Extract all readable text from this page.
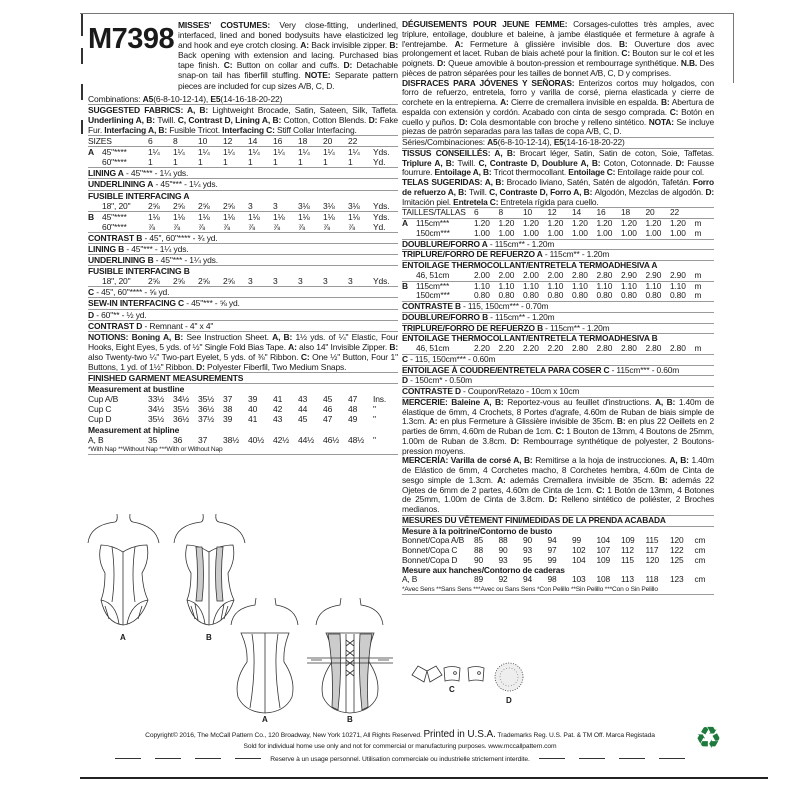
M7398 MISSES' COSTUMES: Very close-fitting, underlined, interfaced, lined and boned bodysuits have elasticized leg and hook and eye crotch closing. A: Back invisible zipper. B: Back opening with extension and lacing. Purchased bias tape finish. C: Button on collar and cuffs. D: Detachable snap-on tail has fiberfill stuffing. NOTE: Separate pattern pieces are included for cup sizes A/B, C, D.
Combinations: A5(6-8-10-12-14), E5(14-16-18-20-22)
SUGGESTED FABRICS: A, B: Lightweight Brocade, Satin, Sateen, Silk, Taffeta. Underlining A, B: Twill. C, Contrast D, Lining A, B: Cotton, Cotton Blends. D: Fake Fur. Interfacing A, B: Fusible Tricot. Interfacing C: Stiff Collar Interfacing.
SIZES	6	8	10	12	14	16	18	20	22
A 45"****	1¼	1¼	1¼	1¼	1¼	1¼	1¼	1¼	1¼	Yds.
60"****	1	1	1	1	1	1	1	1	1	Yd.
LINING A - 45"*** - 1¼ yds.
UNDERLINING A - 45"*** - 1¼ yds.
FUSIBLE INTERFACING A
18", 20"	2⅝	2⅝	2⅝	2⅝	3	3	3⅛	3⅛	3⅛	Yds.
B 45"****	1⅛	1⅛	1⅛	1⅛	1⅛	1⅛	1⅛	1⅛	1⅛	Yds.
60"****	⅞	⅞	⅞	⅞	⅞	⅞	⅞	⅞	⅞	Yd.
CONTRAST B - 45", 60"**** - ¾ yd.
LINING B - 45"*** - 1¼ yds.
UNDERLINING B - 45"*** - 1¼ yds.
FUSIBLE INTERFACING B
18", 20"	2⅝	2⅝	2⅝	2⅝	3	3	3	3	3	Yds.
C - 45", 60"**** - ⅝ yd.
SEW-IN INTERFACING C - 45"*** - ⅝ yd.
D - 60"** - ½ yd.
CONTRAST D - Remnant - 4" x 4"
NOTIONS: Boning A, B: See Instruction Sheet. A, B: 1½ yds. of ¼" Elastic, Four Hooks, Eight Eyes, 5 yds. of ½" Single Fold Bias Tape. A: also 14" Invisible Zipper. B: also Twenty-two ¼" Two-part Eyelet, 5 yds. of ⅜" Ribbon. C: One ½" Button, Four 1" Buttons, 1 yd. of 1½" Ribbon. D: Polyester Fiberfil, Two Medium Snaps.
FINISHED GARMENT MEASUREMENTS
Measurement at bustline
Cup A/B	33½	34½	35½	37	39	41	43	45	47	Ins.
Cup C	34½	35½	36½	38	40	42	44	46	48	"
Cup D	35½	36½	37½	39	41	43	45	47	49	"
Measurement at hipline
A, B	35	36	37	38½	40½	42½	44½	46½	48½	"
*With Nap **Without Nap ***With or Without Nap
DÉGUISEMENTS POUR JEUNE FEMME: Corsages-culottes très amples, avec triplure, entoilage, doublure et baleine, à jambe élastiquée et fermeture à agrafe à l'entrejambe. A: Fermeture à glissière invisible dos. B: Ouverture dos avec prolongement et lacet. Ruban de biais acheté pour la finition. C: Bouton sur le col et les poignets. D: Queue amovible à bouton-pression et rembourrage synthétique. N.B. Des pièces de patron séparées pour les tailles de bonnet A/B, C, D y comprises.
DISFRACES PARA JÓVENES Y SEÑORAS: Enterizos cortos muy holgados, con forro de refuerzo, entretela, forro y varilla de corsé, pierna elasticada y cierre de corchete en la entrepierna. A: Cierre de cremallera invisible en espalda. B: Abertura de espalda con extensión y cordón. Acabado con cinta de sesgo comprada. C: Botón en cuello y puños. D: Cola desmontable con broche y relleno sintético. NOTA: Se incluye piezas de patrón separadas para las tallas de copa A/B, C, D.
Séries/Combinaciones: A5(6-8-10-12-14), E5(14-16-18-20-22)
TISSUS CONSEILLÉS: A, B: Brocart léger, Satin, Satin de coton, Soie, Taffetas. Triplure A, B: Twill. C, Contraste D, Doublure A, B: Coton, Cotonnade. D: Fausse fourrure. Entoilage A, B: Tricot thermocollant. Entoilage C: Entoilage raide pour col.
TELAS SUGERIDAS: A, B: Brocado liviano, Satén, Satén de algodón, Tafetán. Forro de refuerzo A, B: Twill. C, Contraste D, Forro A, B: Algodón, Mezclas de algodón. D: Imitación piel. Entretela C: Entretela rígida para cuello.
TAILLES/TALLAS 6	8	10	12	14	16	18	20	22
A 115cm***	1.20	1.20	1.20	1.20	1.20	1.20	1.20	1.20	1.20	m
150cm***	1.00	1.00	1.00	1.00	1.00	1.00	1.00	1.00	1.00	m
DOUBLURE/FORRO A - 115cm** - 1.20m
TRIPLURE/FORRO DE REFUERZO A - 115cm** - 1.20m
ENTOILAGE THERMOCOLLANT/ENTRETELA TERMOADHESIVA A
46, 51cm	2.00	2.00	2.00	2.00	2.80	2.80	2.90	2.90	2.90	m
B 115cm***	1.10	1.10	1.10	1.10	1.10	1.10	1.10	1.10	1.10	m
150cm***	0.80	0.80	0.80	0.80	0.80	0.80	0.80	0.80	0.80	m
CONTRASTE B - 115, 150cm*** - 0.70m
DOUBLURE/FORRO B - 115cm** - 1.20m
TRIPLURE/FORRO DE REFUERZO B - 115cm** - 1.20m
ENTOILAGE THERMOCOLLANT/ENTRETELA TERMOADHESIVA B
46, 51cm	2.20	2.20	2.20	2.20	2.80	2.80	2.80	2.80	2.80	m
C - 115, 150cm*** - 0.60m
ENTOILAGE À COUDRE/ENTRETELA PARA COSER C - 115cm*** - 0.60m
D - 150cm* - 0.50m
CONTRASTE D - Coupon/Retazo - 10cm x 10cm
MERCERIE: Baleine A, B: Reportez-vous au feuillet d'instructions. A, B: 1.40m de élastique de 6mm, 4 Crochets, 8 Portes d'agrafe, 4.60m de Ruban de biais simple de 1.3cm. A: en plus Fermeture à Glissière invisible de 35cm. B: en plus 22 Oeillets en 2 parties de 6mm, 4.60m de Ruban de 1cm. C: 1 Bouton de 13mm, 4 Boutons de 25mm, 1.00m de Ruban de 3.8cm. D: Rembourrage synthétique de polyester, 2 Boutons-pression moyens.
MERCERÍA: Varilla de corsé A, B: Remitirse a la hoja de instrucciones. A, B: 1.40m de Elástico de 6mm, 4 Corchetes macho, 8 Corchetes hembra, 4.60m de Cinta de sesgo simple de 1.3cm. A: además Cremallera invisible de 35cm. B: además 22 Ojetes de 6mm de 2 partes, 4.60m de Cinta de 1cm. C: 1 Botón de 13mm, 4 Botones de 25mm, 1.00m de Cinta de 3.8cm. D: Relleno sintético de poliéster, 2 Broches medianos.
MESURES DU VÊTEMENT FINI/MEDIDAS DE LA PRENDA ACABADA
Mesure à la poitrine/Contorno de busto
Bonnet/Copa A/B	85	88	90	94	99	104	109	115	120	cm
Bonnet/Copa C	88	90	93	97	102	107	112	117	122	cm
Bonnet/Copa D	90	93	95	99	104	109	115	120	125	cm
Mesure aux hanches/Contorno de caderas
A, B	89	92	94	98	103	108	113	118	123	cm
*Avec Sens **Sans Sens ***Avec ou Sans Sens *Con Pelillo **Sin Pelillo ***Con o Sin Pelillo
A	B
A	B
C
D
Copyright© 2016, The McCall Pattern Co., 120 Broadway, New York 10271, All Rights Reserved. Printed in U.S.A. Trademarks Reg. U.S. Pat. & TM Off. Marca Registada
Sold for individual home use only and not for commercial or manufacturing purposes. www.mccallpattern.com
Reserve à un usage personnel. Utilisation commerciale ou industrielle strictement interdite.
♻
